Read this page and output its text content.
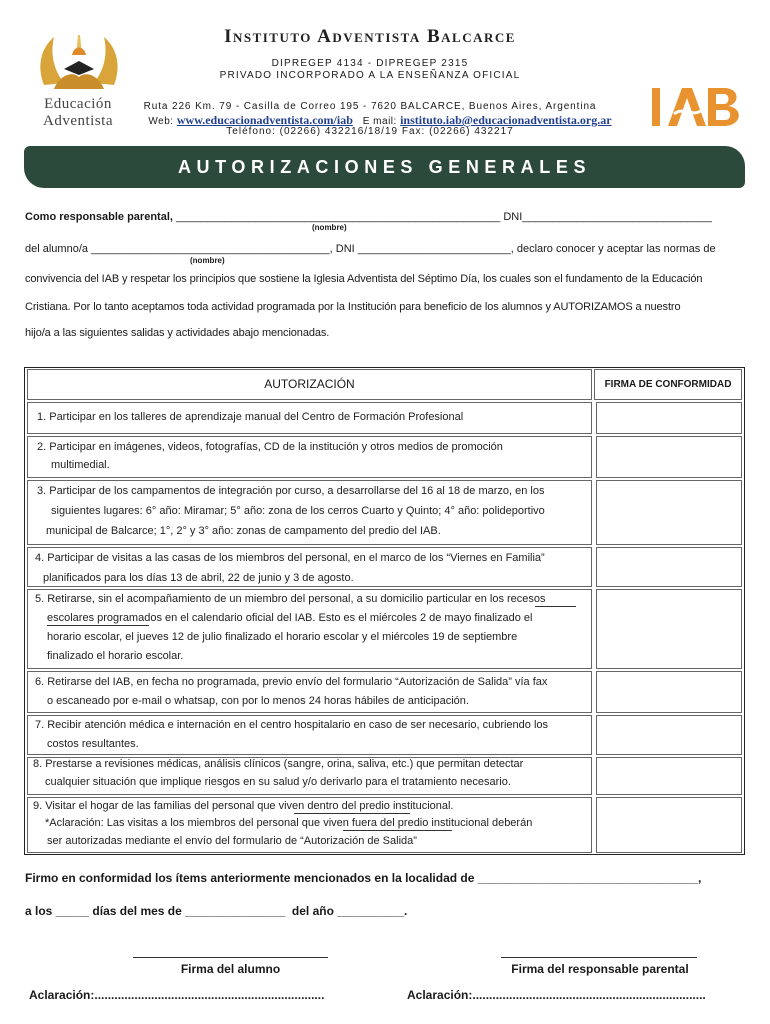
Educación
Adventista
Instituto Adventista Balcarce
DIPREGEP 4134 - DIPREGEP 2315
PRIVADO INCORPORADO A LA ENSEÑANZA OFICIAL
Ruta 226 Km. 79 - Casilla de Correo 195 - 7620 BALCARCE, Buenos Aires, Argentina
Web: www.educacionadventista.com/iab E mail: instituto.iab@educacionadventista.org.ar
Teléfono: (02266) 432216/18/19 Fax: (02266) 432217
AUTORIZACIONES GENERALES
Como responsable parental, _____________________________________________________ DNI_______________________________
(nombre)
del alumno/a _______________________________________, DNI _________________________, declaro conocer y aceptar las normas de
(nombre)
convivencia del IAB y respetar los principios que sostiene la Iglesia Adventista del Séptimo Día, los cuales son el fundamento de la Educación
Cristiana. Por lo tanto aceptamos toda actividad programada por la Institución para beneficio de los alumnos y AUTORIZAMOS a nuestro
hijo/a a las siguientes salidas y actividades abajo mencionadas.
AUTORIZACIÓN	FIRMA DE CONFORMIDAD
1. Participar en los talleres de aprendizaje manual del Centro de Formación Profesional
2. Participar en imágenes, videos, fotografías, CD de la institución y otros medios de promoción
multimedial.
3. Participar de los campamentos de integración por curso, a desarrollarse del 16 al 18 de marzo, en los
siguientes lugares: 6° año: Miramar; 5° año: zona de los cerros Cuarto y Quinto; 4° año: polideportivo
municipal de Balcarce; 1°, 2° y 3° año: zonas de campamento del predio del IAB.
4. Participar de visitas a las casas de los miembros del personal, en el marco de los “Viernes en Familia”
planificados para los días 13 de abril, 22 de junio y 3 de agosto.
5. Retirarse, sin el acompañamiento de un miembro del personal, a su domicilio particular en los recesos
escolares programados en el calendario oficial del IAB. Esto es el miércoles 2 de mayo finalizado el
horario escolar, el jueves 12 de julio finalizado el horario escolar y el miércoles 19 de septiembre
finalizado el horario escolar.
6. Retirarse del IAB, en fecha no programada, previo envío del formulario “Autorización de Salida” vía fax
o escaneado por e-mail o whatsap, con por lo menos 24 horas hábiles de anticipación.
7. Recibir atención médica e internación en el centro hospitalario en caso de ser necesario, cubriendo los
costos resultantes.
8. Prestarse a revisiones médicas, análisis clínicos (sangre, orina, saliva, etc.) que permitan detectar
cualquier situación que implique riesgos en su salud y/o derivarlo para el tratamiento necesario.
9. Visitar el hogar de las familias del personal que viven dentro del predio institucional.
*Aclaración: Las visitas a los miembros del personal que viven fuera del predio institucional deberán
ser autorizadas mediante el envío del formulario de “Autorización de Salida”
Firmo en conformidad los ítems anteriormente mencionados en la localidad de _________________________________,
a los _____ días del mes de _______________ del año __________.
Firma del alumno	Firma del responsable parental
Aclaración:.....................................................................	Aclaración:......................................................................
